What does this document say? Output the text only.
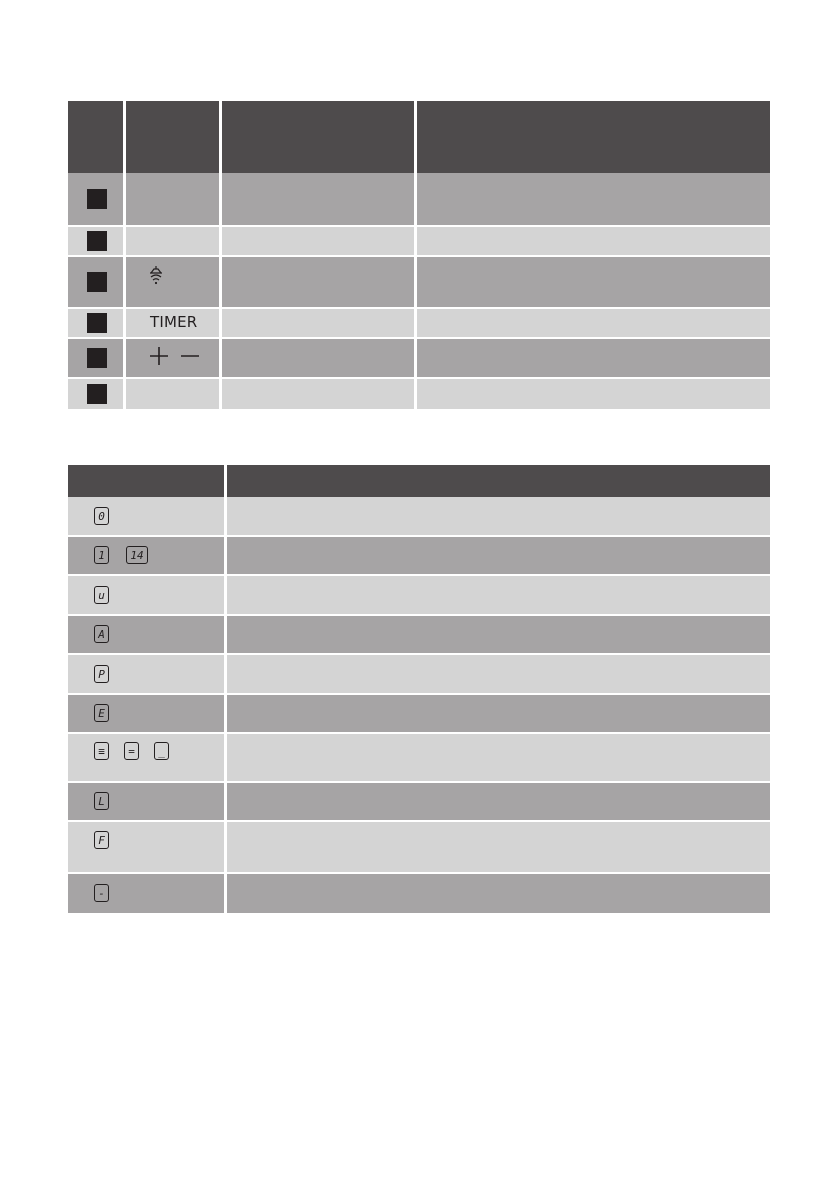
TIMER
0
1	14
u
A
P
E
≡	=	_
L
F
-
